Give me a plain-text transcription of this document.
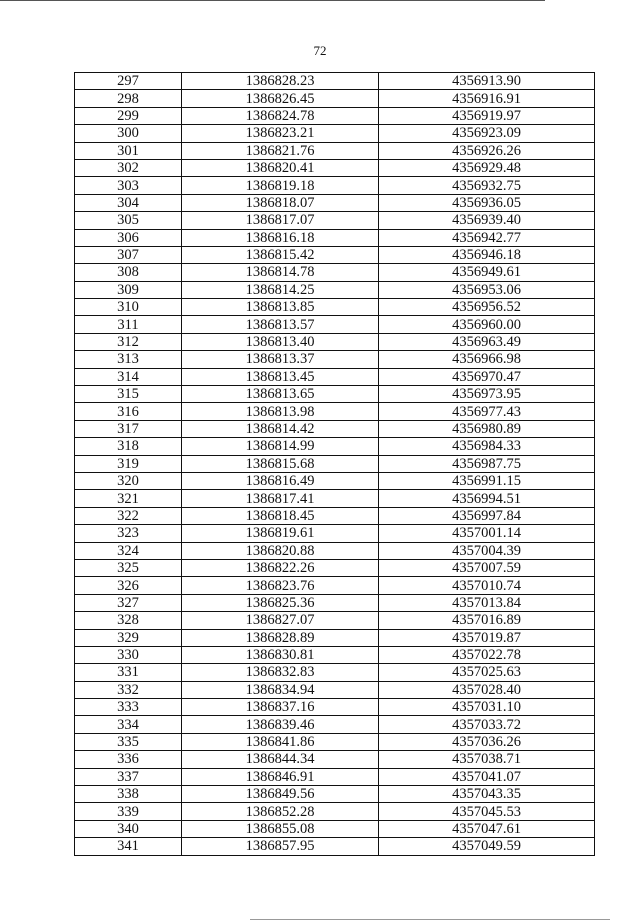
72
297	1386828.23	4356913.90
298	1386826.45	4356916.91
299	1386824.78	4356919.97
300	1386823.21	4356923.09
301	1386821.76	4356926.26
302	1386820.41	4356929.48
303	1386819.18	4356932.75
304	1386818.07	4356936.05
305	1386817.07	4356939.40
306	1386816.18	4356942.77
307	1386815.42	4356946.18
308	1386814.78	4356949.61
309	1386814.25	4356953.06
310	1386813.85	4356956.52
311	1386813.57	4356960.00
312	1386813.40	4356963.49
313	1386813.37	4356966.98
314	1386813.45	4356970.47
315	1386813.65	4356973.95
316	1386813.98	4356977.43
317	1386814.42	4356980.89
318	1386814.99	4356984.33
319	1386815.68	4356987.75
320	1386816.49	4356991.15
321	1386817.41	4356994.51
322	1386818.45	4356997.84
323	1386819.61	4357001.14
324	1386820.88	4357004.39
325	1386822.26	4357007.59
326	1386823.76	4357010.74
327	1386825.36	4357013.84
328	1386827.07	4357016.89
329	1386828.89	4357019.87
330	1386830.81	4357022.78
331	1386832.83	4357025.63
332	1386834.94	4357028.40
333	1386837.16	4357031.10
334	1386839.46	4357033.72
335	1386841.86	4357036.26
336	1386844.34	4357038.71
337	1386846.91	4357041.07
338	1386849.56	4357043.35
339	1386852.28	4357045.53
340	1386855.08	4357047.61
341	1386857.95	4357049.59
